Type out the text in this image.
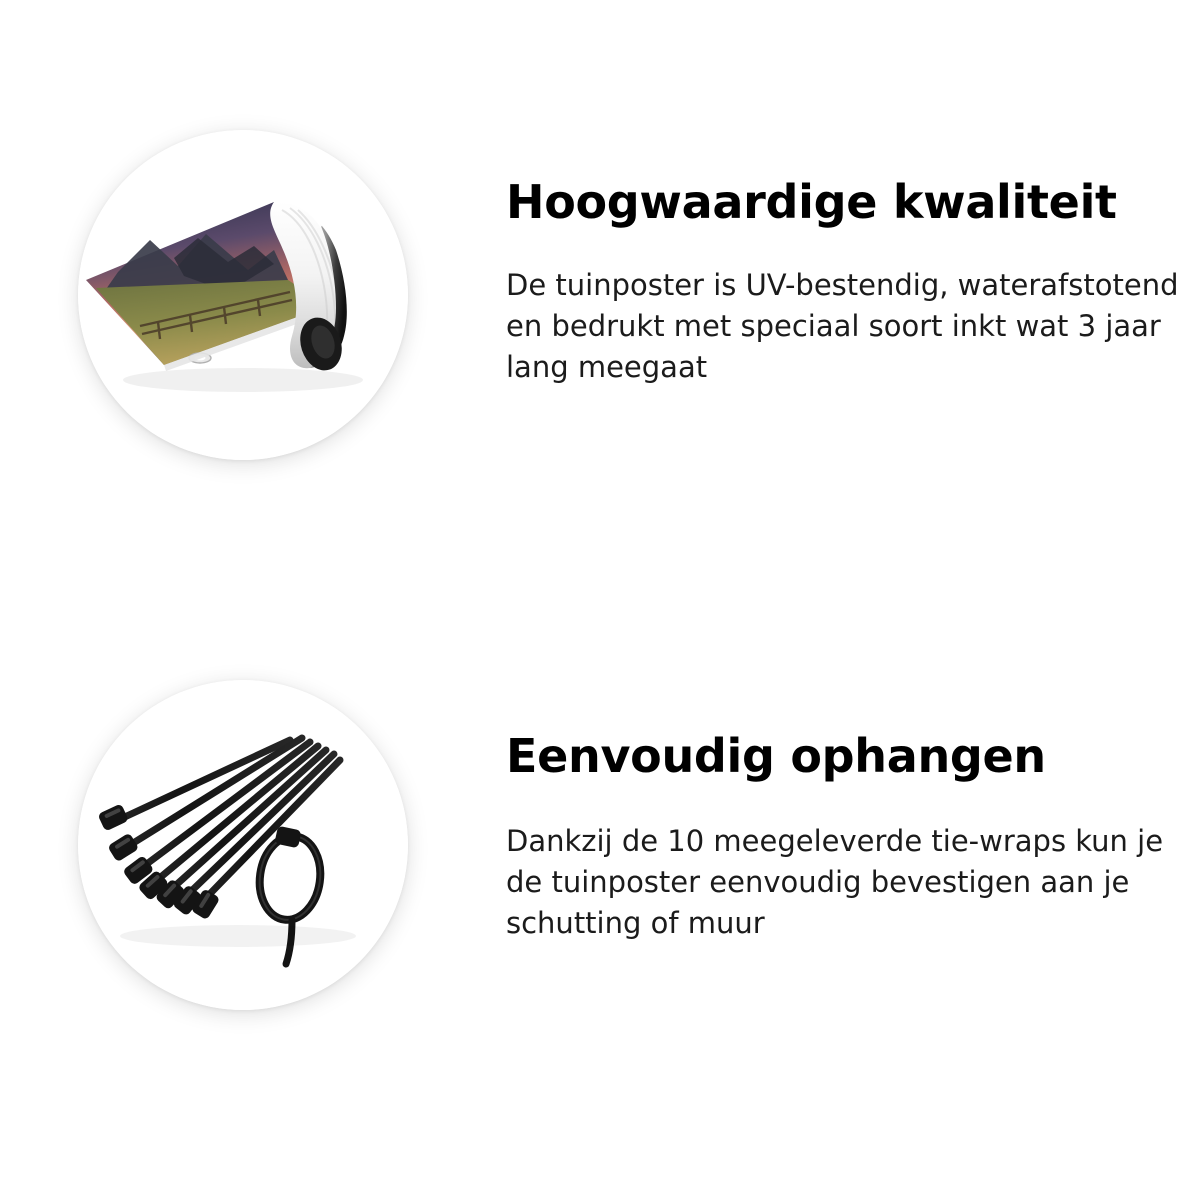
Hoogwaardige kwaliteit

De tuinposter is UV-bestendig, waterafstotend en bedrukt met speciaal soort inkt wat 3 jaar lang meegaat

Eenvoudig ophangen

Dankzij de 10 meegeleverde tie-wraps kun je de tuinposter eenvoudig bevestigen aan je schutting of muur
